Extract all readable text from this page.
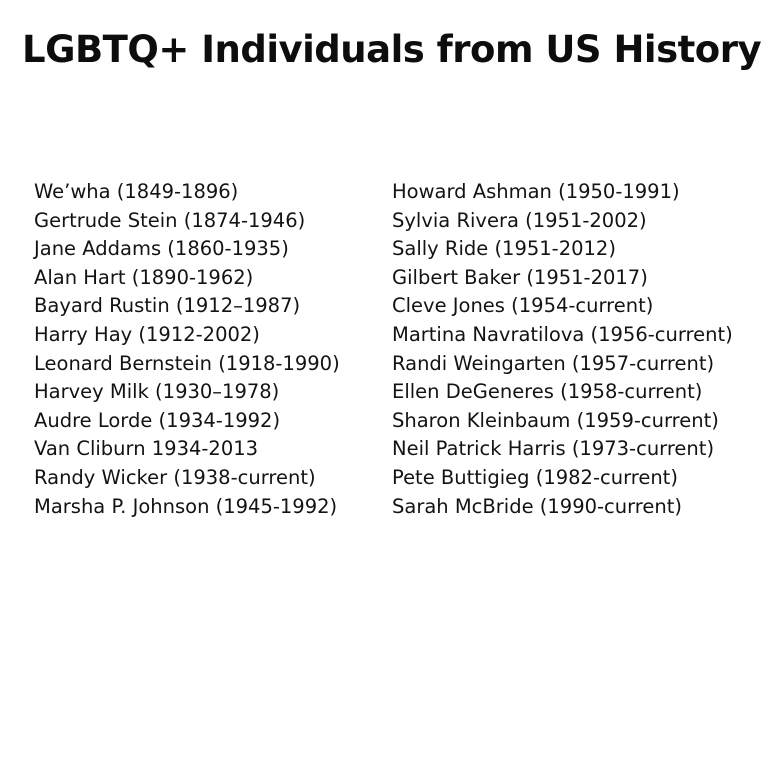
LGBTQ+ Individuals from US History
We’wha (1849-1896)
Gertrude Stein (1874-1946)
Jane Addams (1860-1935)
Alan Hart (1890-1962)
Bayard Rustin (1912–1987)
Harry Hay (1912-2002)
Leonard Bernstein (1918-1990)
Harvey Milk (1930–1978)
Audre Lorde (1934-1992)
Van Cliburn 1934-2013
Randy Wicker (1938-current)
Marsha P. Johnson (1945-1992)
Howard Ashman (1950-1991)
Sylvia Rivera (1951-2002)
Sally Ride (1951-2012)
Gilbert Baker (1951-2017)
Cleve Jones (1954-current)
Martina Navratilova (1956-current)
Randi Weingarten (1957-current)
Ellen DeGeneres (1958-current)
Sharon Kleinbaum (1959-current)
Neil Patrick Harris (1973-current)
Pete Buttigieg (1982-current)
Sarah McBride (1990-current)
